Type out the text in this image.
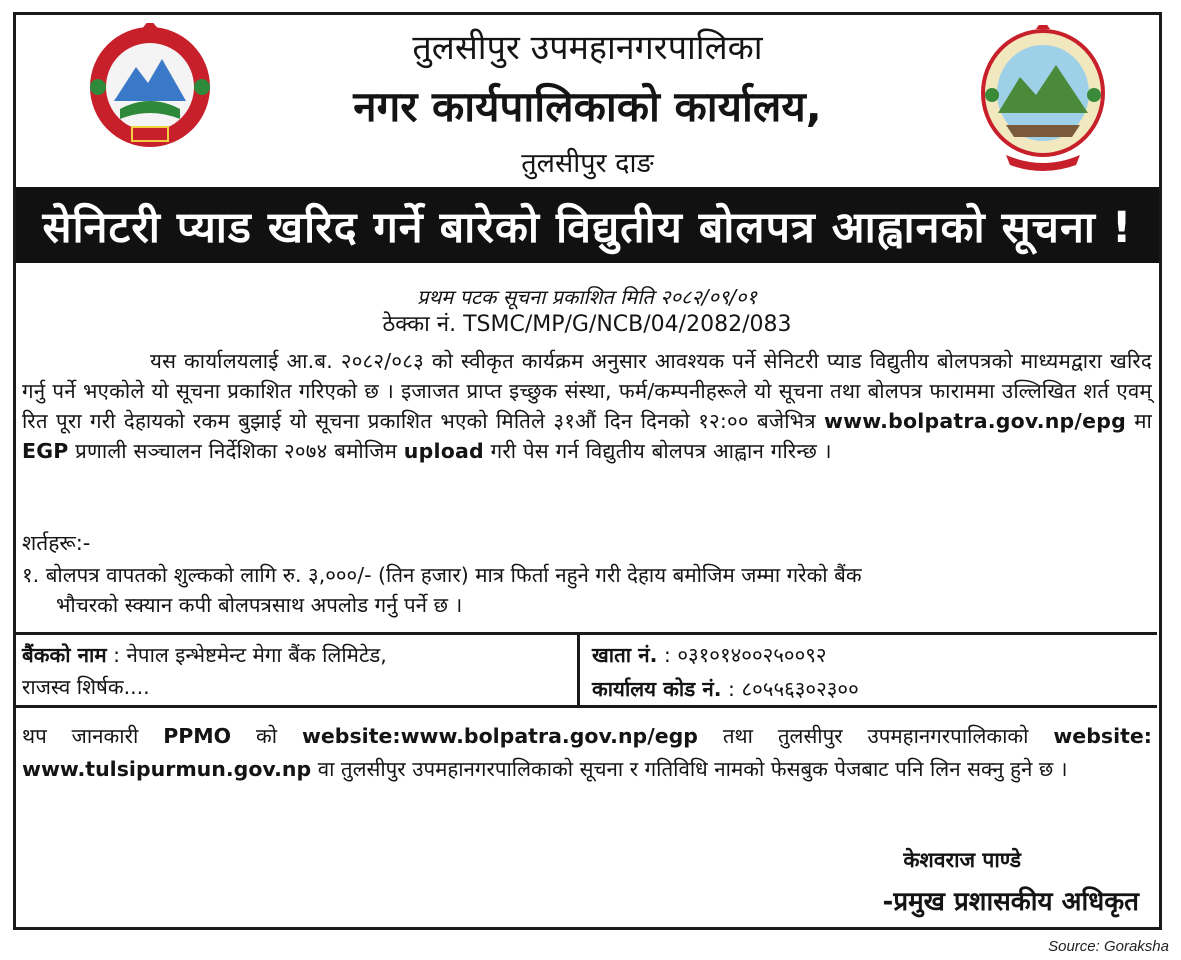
तुलसीपुर उपमहानगरपालिका
नगर कार्यपालिकाको कार्यालय,
तुलसीपुर दाङ
सेनिटरी प्याड खरिद गर्ने बारेको विद्युतीय बोलपत्र आह्वानको सूचना !
प्रथम पटक सूचना प्रकाशित मिति २०८२/०९/०१
ठेक्का नं. TSMC/MP/G/NCB/04/2082/083
यस कार्यालयलाई आ.ब. २०८२/०८३ को स्वीकृत कार्यक्रम अनुसार आवश्यक पर्ने सेनिटरी प्याड विद्युतीय बोलपत्रको माध्यमद्वारा खरिद गर्नु पर्ने भएकोले यो सूचना प्रकाशित गरिएको छ । इजाजत प्राप्त इच्छुक संस्था, फर्म/कम्पनीहरूले यो सूचना तथा बोलपत्र फाराममा उल्लिखित शर्त एवम् रित पूरा गरी देहायको रकम बुझाई यो सूचना प्रकाशित भएको मितिले ३१औं दिन दिनको १२:०० बजेभित्र www.bolpatra.gov.np/epg मा EGP प्रणाली सञ्चालन निर्देशिका २०७४ बमोजिम upload गरी पेस गर्न विद्युतीय बोलपत्र आह्वान गरिन्छ ।
शर्तहरू:-
१. बोलपत्र वापतको शुल्कको लागि रु. ३,०००/- (तिन हजार) मात्र फिर्ता नहुने गरी देहाय बमोजिम जम्मा गरेको बैंक
भौचरको स्क्यान कपी बोलपत्रसाथ अपलोड गर्नु पर्ने छ ।
बैंकको नाम : नेपाल इन्भेष्टमेन्ट मेगा बैंक लिमिटेड,
राजस्व शिर्षक....
खाता नं. : ०३१०१४००२५००९२
कार्यालय कोड नं. : ८०५५६३०२३००
थप जानकारी PPMO को website:www.bolpatra.gov.np/egp तथा तुलसीपुर उपमहानगरपालिकाको website: www.tulsipurmun.gov.np वा तुलसीपुर उपमहानगरपालिकाको सूचना र गतिविधि नामको फेसबुक पेजबाट पनि लिन सक्नु हुने छ ।
केशवराज पाण्डे
-प्रमुख प्रशासकीय अधिकृत
Source: Goraksha
